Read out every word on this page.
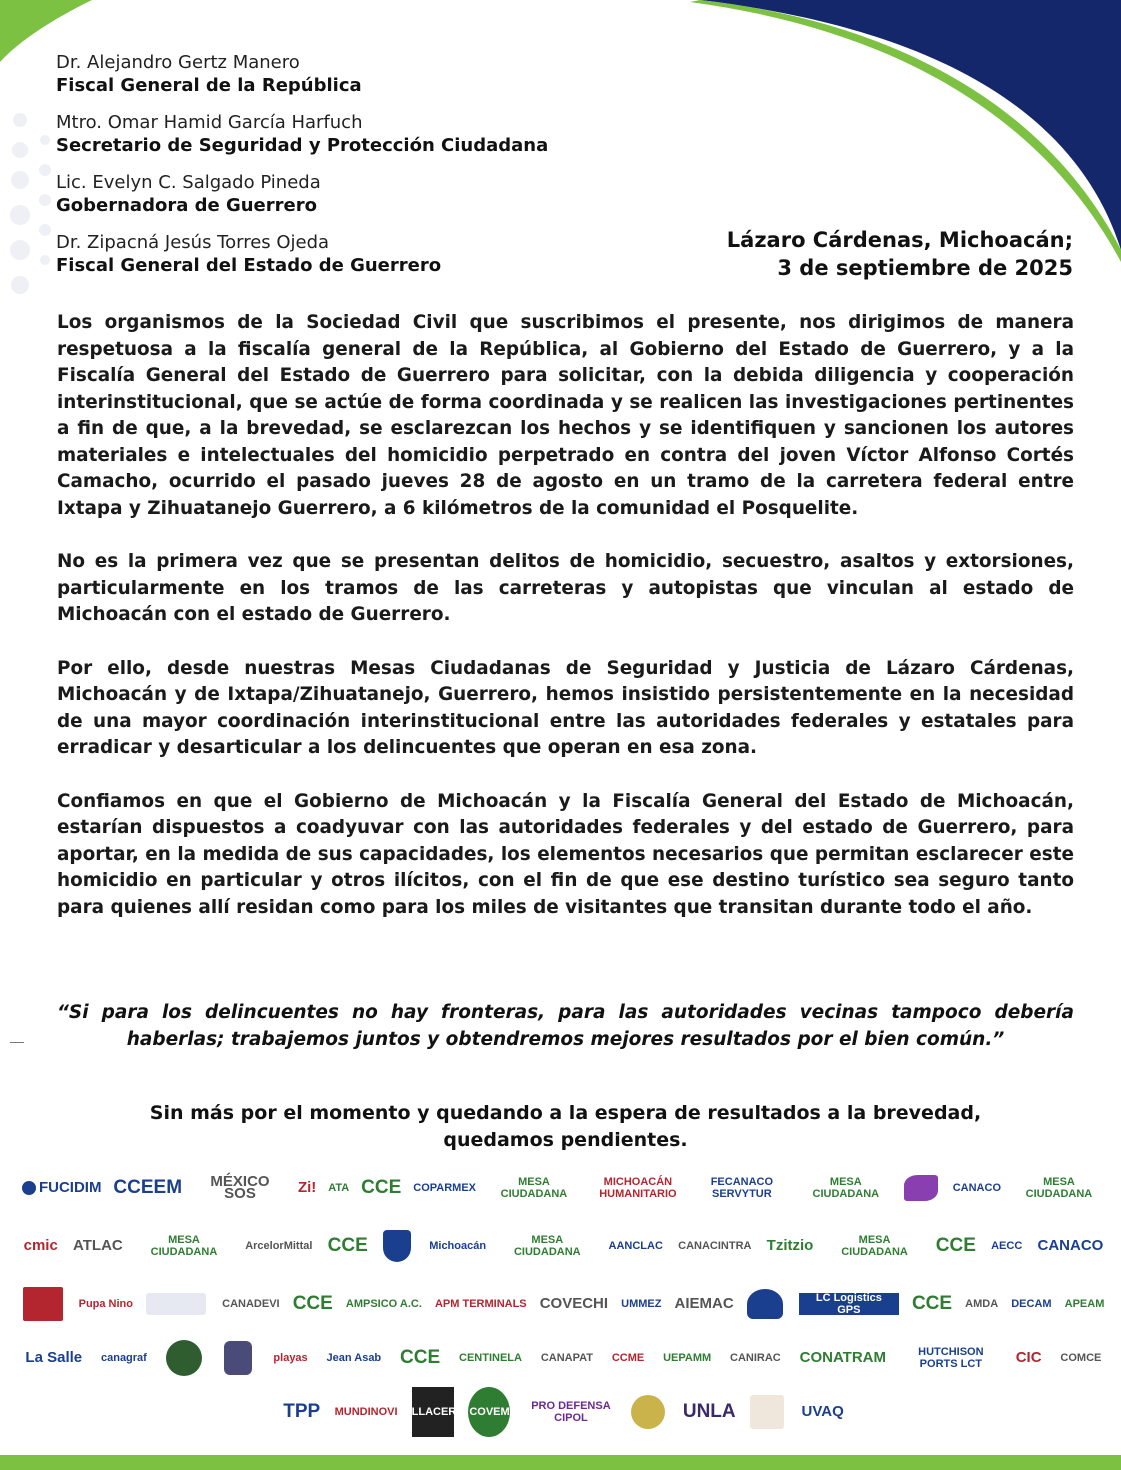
Dr. Alejandro Gertz Manero
Fiscal General de la República
Mtro. Omar Hamid García Harfuch
Secretario de Seguridad y Protección Ciudadana
Lic. Evelyn C. Salgado Pineda
Gobernadora de Guerrero
Dr. Zipacná Jesús Torres Ojeda
Fiscal General del Estado de Guerrero
Lázaro Cárdenas, Michoacán;
3 de septiembre de 2025

Los organismos de la Sociedad Civil que suscribimos el presente, nos dirigimos de manera respetuosa a la fiscalía general de la República, al Gobierno del Estado de Guerrero, y a la Fiscalía General del Estado de Guerrero para solicitar, con la debida diligencia y cooperación interinstitucional, que se actúe de forma coordinada y se realicen las investigaciones pertinentes a fin de que, a la brevedad, se esclarezcan los hechos y se identifiquen y sancionen los autores materiales e intelectuales del homicidio perpetrado en contra del joven Víctor Alfonso Cortés Camacho, ocurrido el pasado jueves 28 de agosto en un tramo de la carretera federal entre Ixtapa y Zihuatanejo Guerrero, a 6 kilómetros de la comunidad el Posquelite.

No es la primera vez que se presentan delitos de homicidio, secuestro, asaltos y extorsiones, particularmente en los tramos de las carreteras y autopistas que vinculan al estado de Michoacán con el estado de Guerrero.

Por ello, desde nuestras Mesas Ciudadanas de Seguridad y Justicia de Lázaro Cárdenas, Michoacán y de Ixtapa/Zihuatanejo, Guerrero, hemos insistido persistentemente en la necesidad de una mayor coordinación interinstitucional entre las autoridades federales y estatales para erradicar y desarticular a los delincuentes que operan en esa zona.

Confiamos en que el Gobierno de Michoacán y la Fiscalía General del Estado de Michoacán, estarían dispuestos a coadyuvar con las autoridades federales y del estado de Guerrero, para aportar, en la medida de sus capacidades, los elementos necesarios que permitan esclarecer este homicidio en particular y otros ilícitos, con el fin de que ese destino turístico sea seguro tanto para quienes allí residan como para los miles de visitantes que transitan durante todo el año.

“Si para los delincuentes no hay fronteras, para las autoridades vecinas tampoco debería haberlas; trabajemos juntos y obtendremos mejores resultados por el bien común.”
Sin más por el momento y quedando a la espera de resultados a la brevedad,
quedamos pendientes.
FUCIDIM CCEEM	MÉXICO SOS	Zi! ATA CCE COPARMEX	MESA CIUDADANA
MICHOACÁN HUMANITARIO
FECANACO SERVYTUR
MESA CIUDADANA	CANACO	MESA CIUDADANA
cmic ATLAC	MESA CIUDADANA	ArcelorMittal CCE	Michoacán	MESA CIUDADANA	AANCLAC CANACINTRA Tzitzio	MESA CIUDADANA	CCE AECC CANACO
Pupa Nino	CANADEVI CCE AMPSICO A.C. APM TERMINALS COVECHI UMMEZ AIEMAC	LC Logistics GPS	CCE AMDA DECAM APEAM
La Salle canagraf	playas Jean Asab CCE CENTINELA CANAPAT CCME UEPAMM CANIRAC CONATRAM	HUTCHISON PORTS LCT	CIC COMCE
TPP MUNDINOVI VILLACERO COVEM	PRO DEFENSA CIPOL	UNLA	UVAQ
